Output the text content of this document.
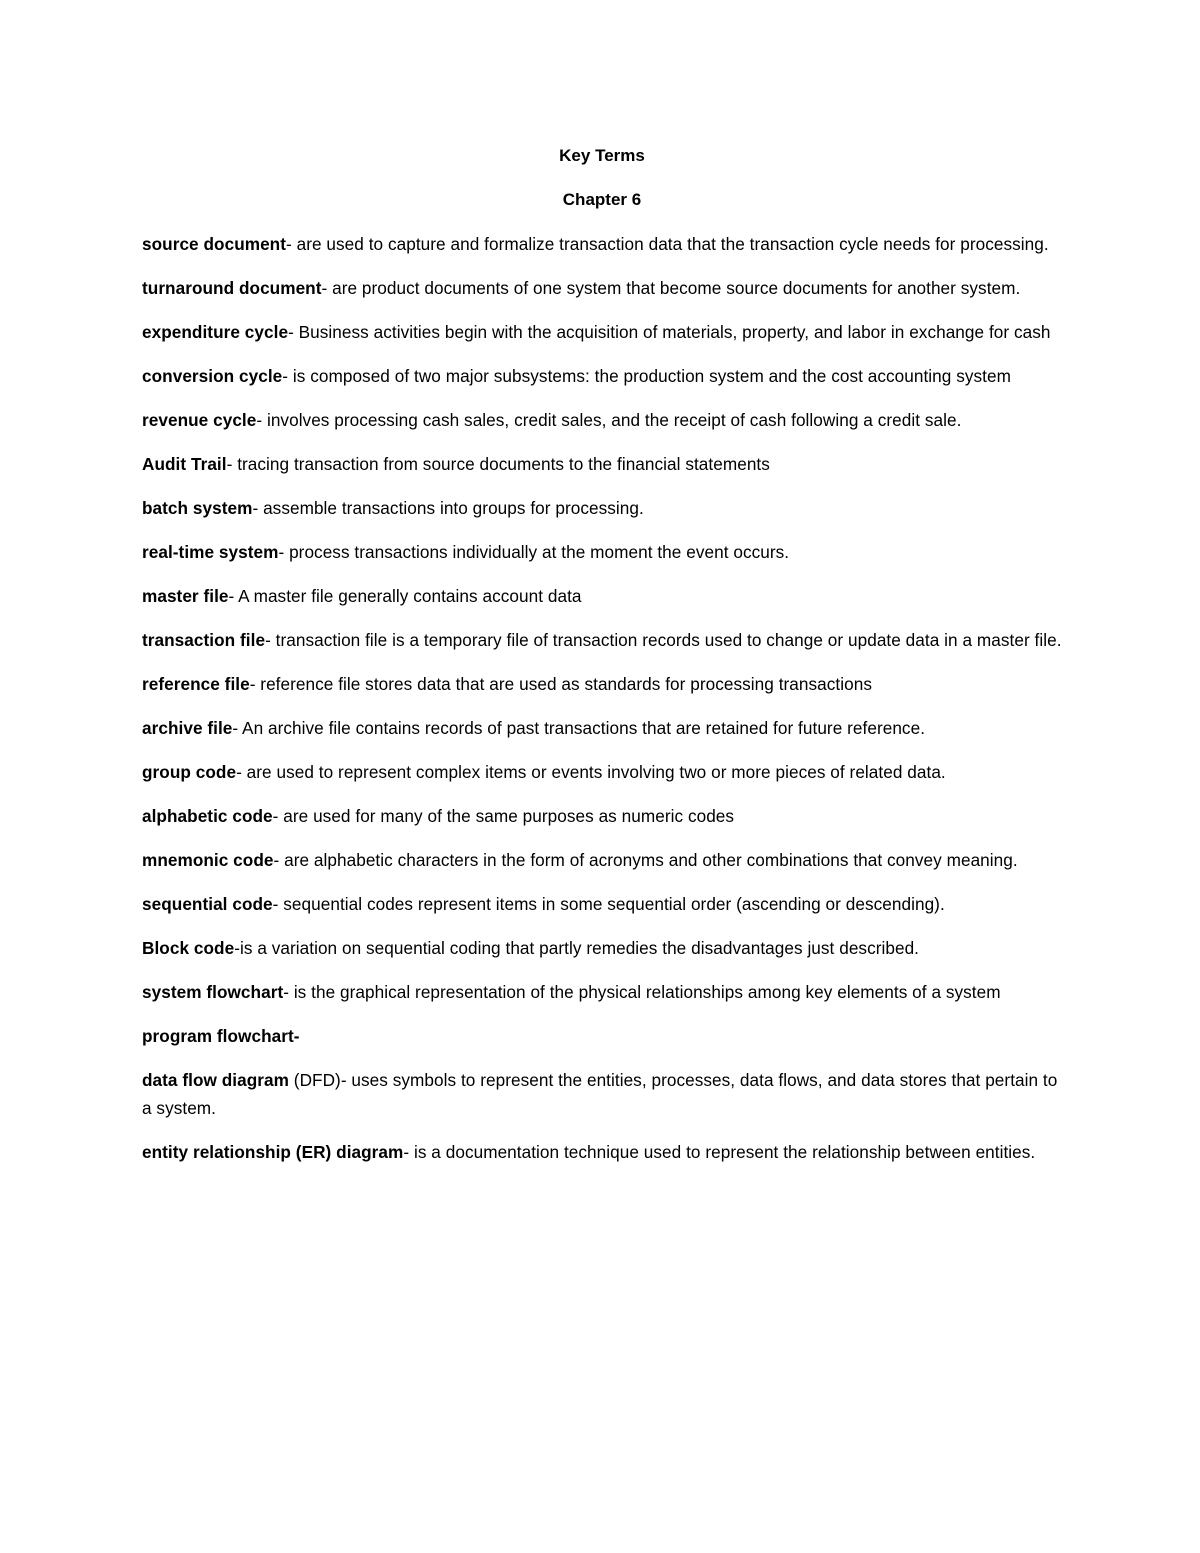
Key Terms
Chapter 6

source document- are used to capture and formalize transaction data that the transaction cycle needs for processing.

turnaround document- are product documents of one system that become source documents for another system.

expenditure cycle- Business activities begin with the acquisition of materials, property, and labor in exchange for cash

conversion cycle- is composed of two major subsystems: the production system and the cost accounting system

revenue cycle- involves processing cash sales, credit sales, and the receipt of cash following a credit sale.

Audit Trail- tracing transaction from source documents to the financial statements

batch system- assemble transactions into groups for processing.

real-time system- process transactions individually at the moment the event occurs.

master file- A master file generally contains account data

transaction file- transaction file is a temporary file of transaction records used to change or update data in a master file.

reference file- reference file stores data that are used as standards for processing transactions

archive file- An archive file contains records of past transactions that are retained for future reference.

group code- are used to represent complex items or events involving two or more pieces of related data.

alphabetic code- are used for many of the same purposes as numeric codes

mnemonic code- are alphabetic characters in the form of acronyms and other combinations that convey meaning.

sequential code- sequential codes represent items in some sequential order (ascending or descending).

Block code-is a variation on sequential coding that partly remedies the disadvantages just described.

system flowchart- is the graphical representation of the physical relationships among key elements of a system

program flowchart-

data flow diagram (DFD)- uses symbols to represent the entities, processes, data flows, and data stores that pertain to a system.

entity relationship (ER) diagram- is a documentation technique used to represent the relationship between entities.
